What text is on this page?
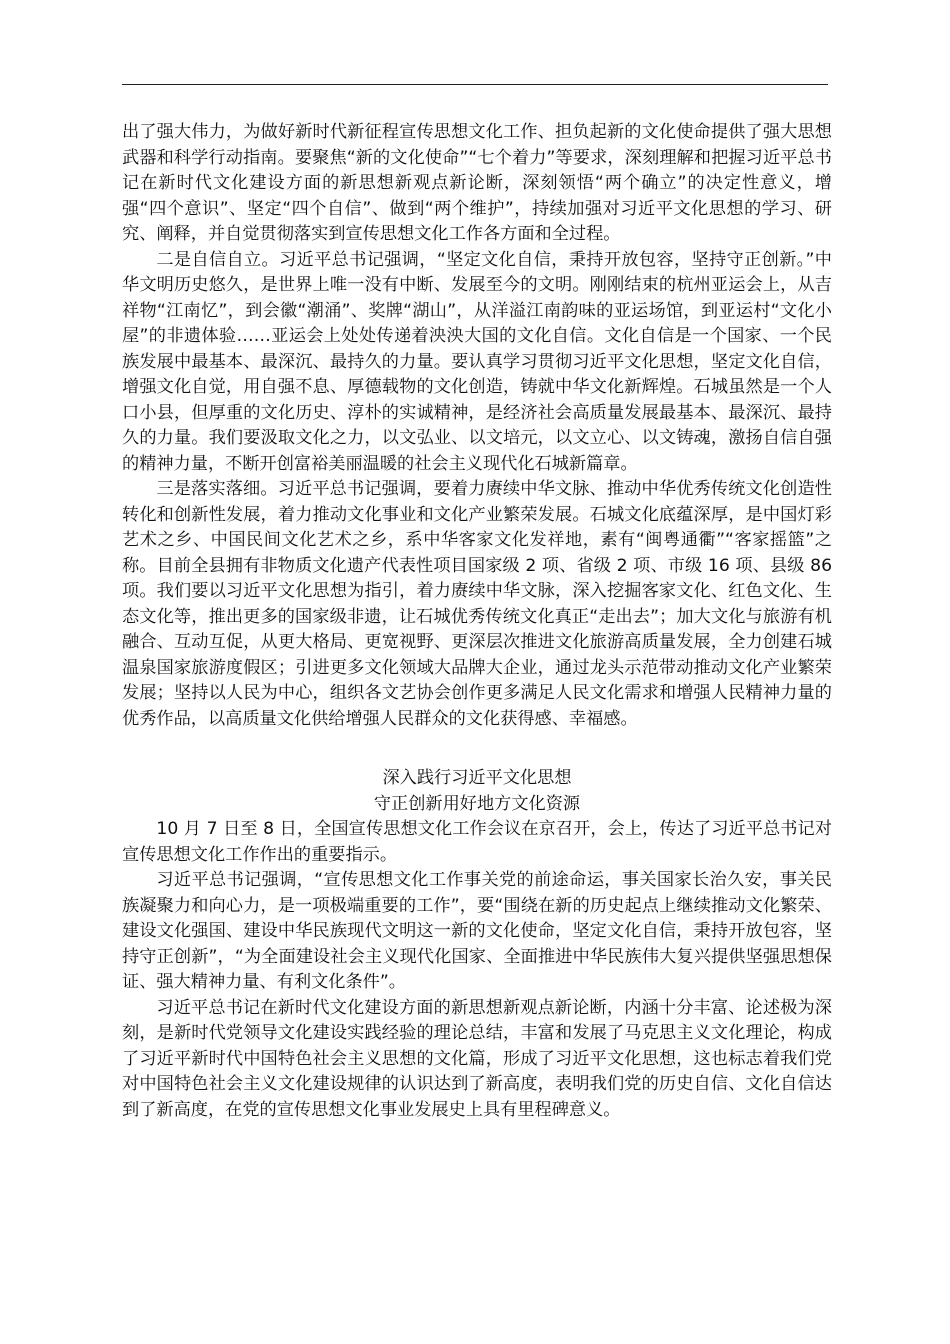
出了强大伟力，为做好新时代新征程宣传思想文化工作、担负起新的文化使命提供了强大思想武器和科学行动指南。要聚焦“新的文化使命”“七个着力”等要求，深刻理解和把握习近平总书记在新时代文化建设方面的新思想新观点新论断，深刻领悟“两个确立”的决定性意义，增强“四个意识”、坚定“四个自信”、做到“两个维护”，持续加强对习近平文化思想的学习、研究、阐释，并自觉贯彻落实到宣传思想文化工作各方面和全过程。

二是自信自立。习近平总书记强调，“坚定文化自信，秉持开放包容，坚持守正创新。”中华文明历史悠久，是世界上唯一没有中断、发展至今的文明。刚刚结束的杭州亚运会上，从吉祥物“江南忆”，到会徽“潮涌”、奖牌“湖山”，从洋溢江南韵味的亚运场馆，到亚运村“文化小屋”的非遗体验……亚运会上处处传递着泱泱大国的文化自信。文化自信是一个国家、一个民族发展中最基本、最深沉、最持久的力量。要认真学习贯彻习近平文化思想，坚定文化自信，增强文化自觉，用自强不息、厚德载物的文化创造，铸就中华文化新辉煌。石城虽然是一个人口小县，但厚重的文化历史、淳朴的实诚精神，是经济社会高质量发展最基本、最深沉、最持久的力量。我们要汲取文化之力，以文弘业、以文培元，以文立心、以文铸魂，激扬自信自强的精神力量，不断开创富裕美丽温暖的社会主义现代化石城新篇章。

三是落实落细。习近平总书记强调，要着力赓续中华文脉、推动中华优秀传统文化创造性转化和创新性发展，着力推动文化事业和文化产业繁荣发展。石城文化底蕴深厚，是中国灯彩艺术之乡、中国民间文化艺术之乡，系中华客家文化发祥地，素有“闽粤通衢”“客家摇篮”之称。目前全县拥有非物质文化遗产代表性项目国家级 2 项、省级 2 项、市级 16 项、县级 86 项。我们要以习近平文化思想为指引，着力赓续中华文脉，深入挖掘客家文化、红色文化、生态文化等，推出更多的国家级非遗，让石城优秀传统文化真正“走出去”；加大文化与旅游有机融合、互动互促，从更大格局、更宽视野、更深层次推进文化旅游高质量发展，全力创建石城温泉国家旅游度假区；引进更多文化领域大品牌大企业，通过龙头示范带动推动文化产业繁荣发展；坚持以人民为中心，组织各文艺协会创作更多满足人民文化需求和增强人民精神力量的优秀作品，以高质量文化供给增强人民群众的文化获得感、幸福感。

深入践行习近平文化思想

守正创新用好地方文化资源

10 月 7 日至 8 日，全国宣传思想文化工作会议在京召开，会上，传达了习近平总书记对宣传思想文化工作作出的重要指示。

习近平总书记强调，“宣传思想文化工作事关党的前途命运，事关国家长治久安，事关民族凝聚力和向心力，是一项极端重要的工作”，要“围绕在新的历史起点上继续推动文化繁荣、建设文化强国、建设中华民族现代文明这一新的文化使命，坚定文化自信，秉持开放包容，坚持守正创新”，“为全面建设社会主义现代化国家、全面推进中华民族伟大复兴提供坚强思想保证、强大精神力量、有利文化条件”。

习近平总书记在新时代文化建设方面的新思想新观点新论断，内涵十分丰富、论述极为深刻，是新时代党领导文化建设实践经验的理论总结，丰富和发展了马克思主义文化理论，构成了习近平新时代中国特色社会主义思想的文化篇，形成了习近平文化思想，这也标志着我们党对中国特色社会主义文化建设规律的认识达到了新高度，表明我们党的历史自信、文化自信达到了新高度，在党的宣传思想文化事业发展史上具有里程碑意义。
